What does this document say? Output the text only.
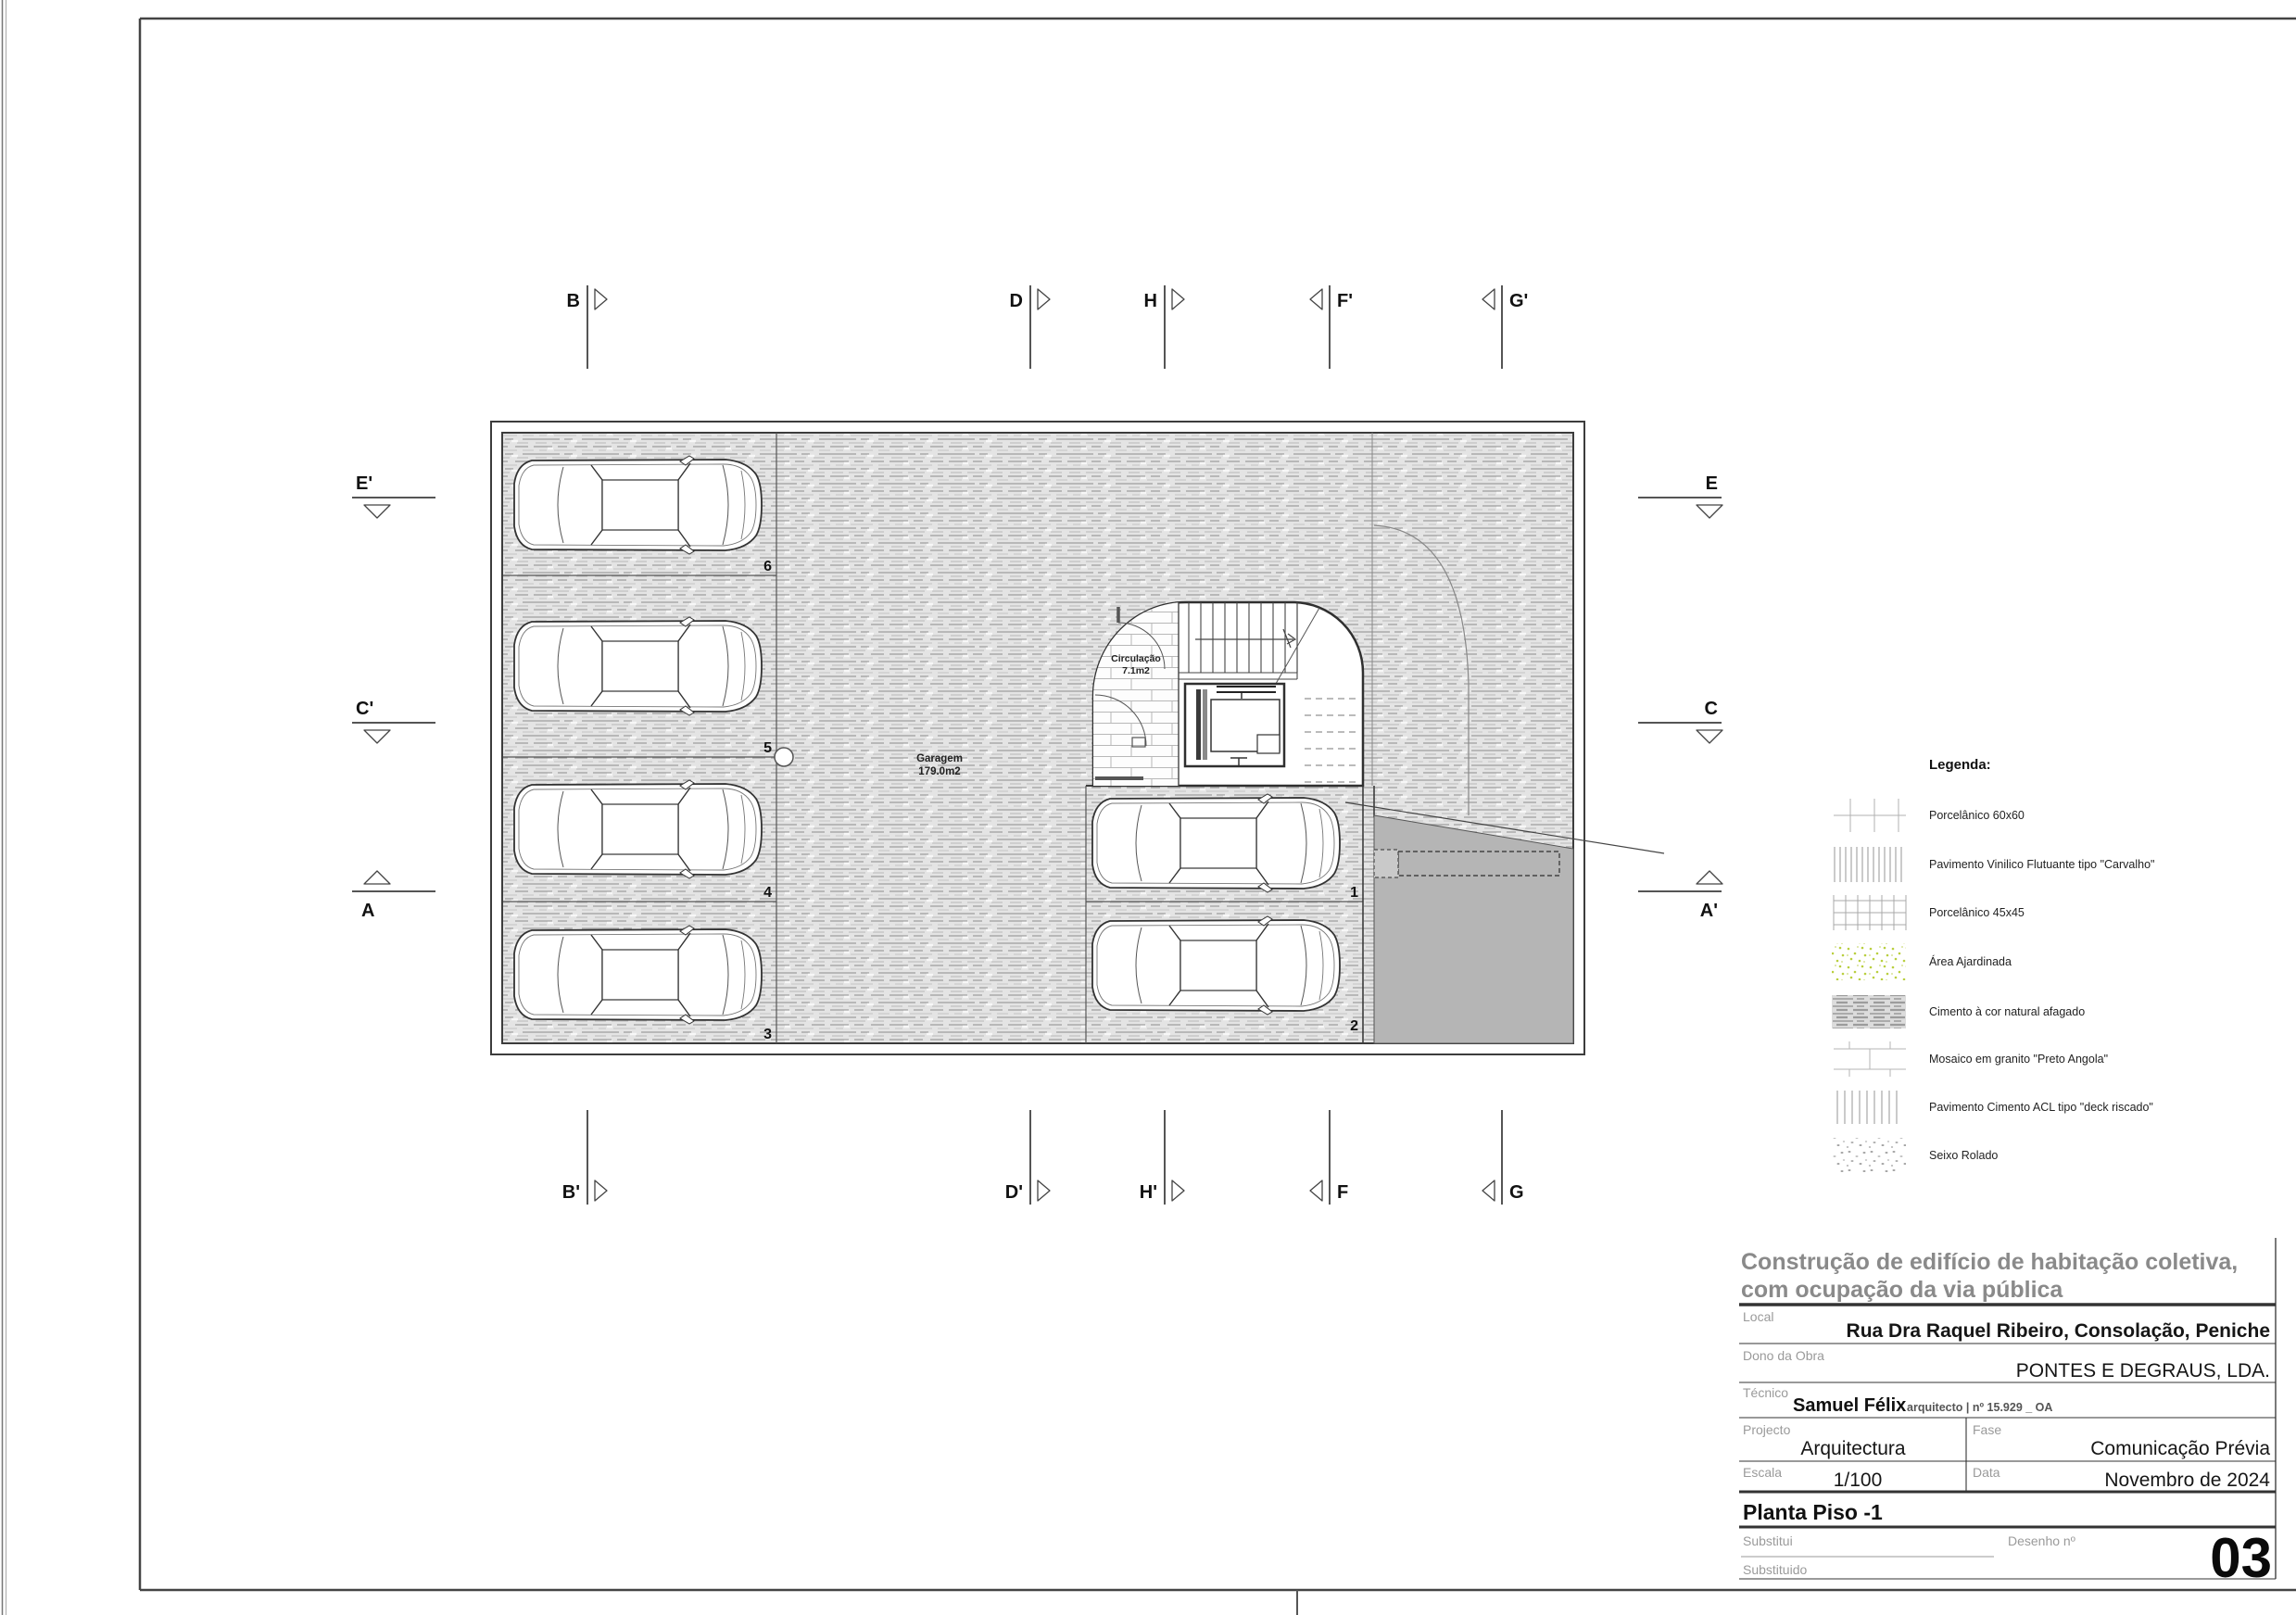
Garagem
179.0m2
Circulação
7.1m2
6
5
4
3
1
2
B	D	H	F'	G'
B'	D'	H'	F	G
E'
C'
A
E
C
A'
Legenda:
Porcelânico 60x60
Pavimento Vinilico Flutuante tipo "Carvalho"
Porcelânico 45x45
Área Ajardinada
Cimento à cor natural afagado
Mosaico em granito "Preto Angola"
Pavimento Cimento ACL tipo "deck riscado"
Seixo Rolado
Construção de edifício de habitação coletiva,
com ocupação da via pública
Local
Rua Dra Raquel Ribeiro, Consolação, Peniche
Dono da Obra
PONTES E DEGRAUS, LDA.
Técnico
Samuel Félix arquitecto | nº 15.929 _ OA
Projecto
Arquitectura
Fase
Comunicação Prévia
Escala	1/100	Data	Novembro de 2024
Planta Piso -1
Substitui
Substituido
Desenho nº 03
